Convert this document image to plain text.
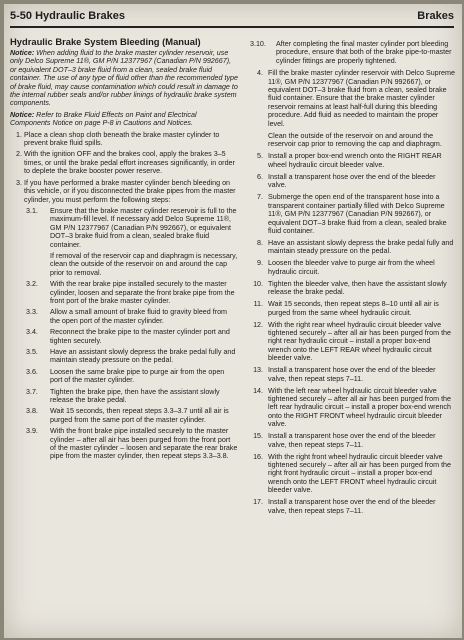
5-50 Hydraulic Brakes	Brakes
Hydraulic Brake System Bleeding (Manual)

Notice: When adding fluid to the brake master cylinder reservoir, use only Delco Supreme 11®, GM P/N 12377967 (Canadian P/N 992667), or equivalent DOT–3 brake fluid from a clean, sealed brake fluid container. The use of any type of fluid other than the recommended type of brake fluid, may cause contamination which could result in damage to the internal rubber seals and/or rubber linings of hydraulic brake system components.

Notice: Refer to Brake Fluid Effects on Paint and Electrical Components Notice on page P-8 in Cautions and Notices.

1. Place a clean shop cloth beneath the brake master cylinder to prevent brake fluid spills.
2. With the ignition OFF and the brakes cool, apply the brakes 3–5 times, or until the brake pedal effort increases significantly, in order to deplete the brake booster power reserve.
3. If you have performed a brake master cylinder bench bleeding on this vehicle, or if you disconnected the brake pipes from the master cylinder, you must perform the following steps:
3.1. Ensure that the brake master cylinder reservoir is full to the maximum-fill level. If necessary add Delco Supreme 11®, GM P/N 12377967 (Canadian P/N 992667), or equivalent DOT–3 brake fluid from a clean, sealed brake fluid container.
If removal of the reservoir cap and diaphragm is necessary, clean the outside of the reservoir on and around the cap prior to removal.
3.2. With the rear brake pipe installed securely to the master cylinder, loosen and separate the front brake pipe from the front port of the brake master cylinder.
3.3. Allow a small amount of brake fluid to gravity bleed from the open port of the master cylinder.
3.4. Reconnect the brake pipe to the master cylinder port and tighten securely.
3.5. Have an assistant slowly depress the brake pedal fully and maintain steady pressure on the pedal.
3.6. Loosen the same brake pipe to purge air from the open port of the master cylinder.
3.7. Tighten the brake pipe, then have the assistant slowly release the brake pedal.
3.8. Wait 15 seconds, then repeat steps 3.3–3.7 until all air is purged from the same port of the master cylinder.
3.9. With the front brake pipe installed securely to the master cylinder – after all air has been purged from the front port of the master cylinder – loosen and separate the rear brake pipe from the master cylinder, then repeat steps 3.3–3.8.
3.10. After completing the final master cylinder port bleeding procedure, ensure that both of the brake pipe-to-master cylinder fittings are properly tightened.
4. Fill the brake master cylinder reservoir with Delco Supreme 11®, GM P/N 12377967 (Canadian P/N 992667), or equivalent DOT–3 brake fluid from a clean, sealed brake fluid container. Ensure that the brake master cylinder reservoir remains at least half-full during this bleeding procedure. Add fluid as needed to maintain the proper level.
Clean the outside of the reservoir on and around the reservoir cap prior to removing the cap and diaphragm.
5. Install a proper box-end wrench onto the RIGHT REAR wheel hydraulic circuit bleeder valve.
6. Install a transparent hose over the end of the bleeder valve.
7. Submerge the open end of the transparent hose into a transparent container partially filled with Delco Supreme 11®, GM P/N 12377967 (Canadian P/N 992667), or equivalent DOT–3 brake fluid from a clean, sealed brake fluid container.
8. Have an assistant slowly depress the brake pedal fully and maintain steady pressure on the pedal.
9. Loosen the bleeder valve to purge air from the wheel hydraulic circuit.
10. Tighten the bleeder valve, then have the assistant slowly release the brake pedal.
11. Wait 15 seconds, then repeat steps 8–10 until all air is purged from the same wheel hydraulic circuit.
12. With the right rear wheel hydraulic circuit bleeder valve tightened securely – after all air has been purged from the right rear hydraulic circuit – install a proper box-end wrench onto the LEFT REAR wheel hydraulic circuit bleeder valve.
13. Install a transparent hose over the end of the bleeder valve, then repeat steps 7–11.
14. With the left rear wheel hydraulic circuit bleeder valve tightened securely – after all air has been purged from the left rear hydraulic circuit – install a proper box-end wrench onto the RIGHT FRONT wheel hydraulic circuit bleeder valve.
15. Install a transparent hose over the end of the bleeder valve, then repeat steps 7–11.
16. With the right front wheel hydraulic circuit bleeder valve tightened securely – after all air has been purged from the right front hydraulic circuit – install a proper box-end wrench onto the LEFT FRONT wheel hydraulic circuit bleeder valve.
17. Install a transparent hose over the end of the bleeder valve, then repeat steps 7–11.
